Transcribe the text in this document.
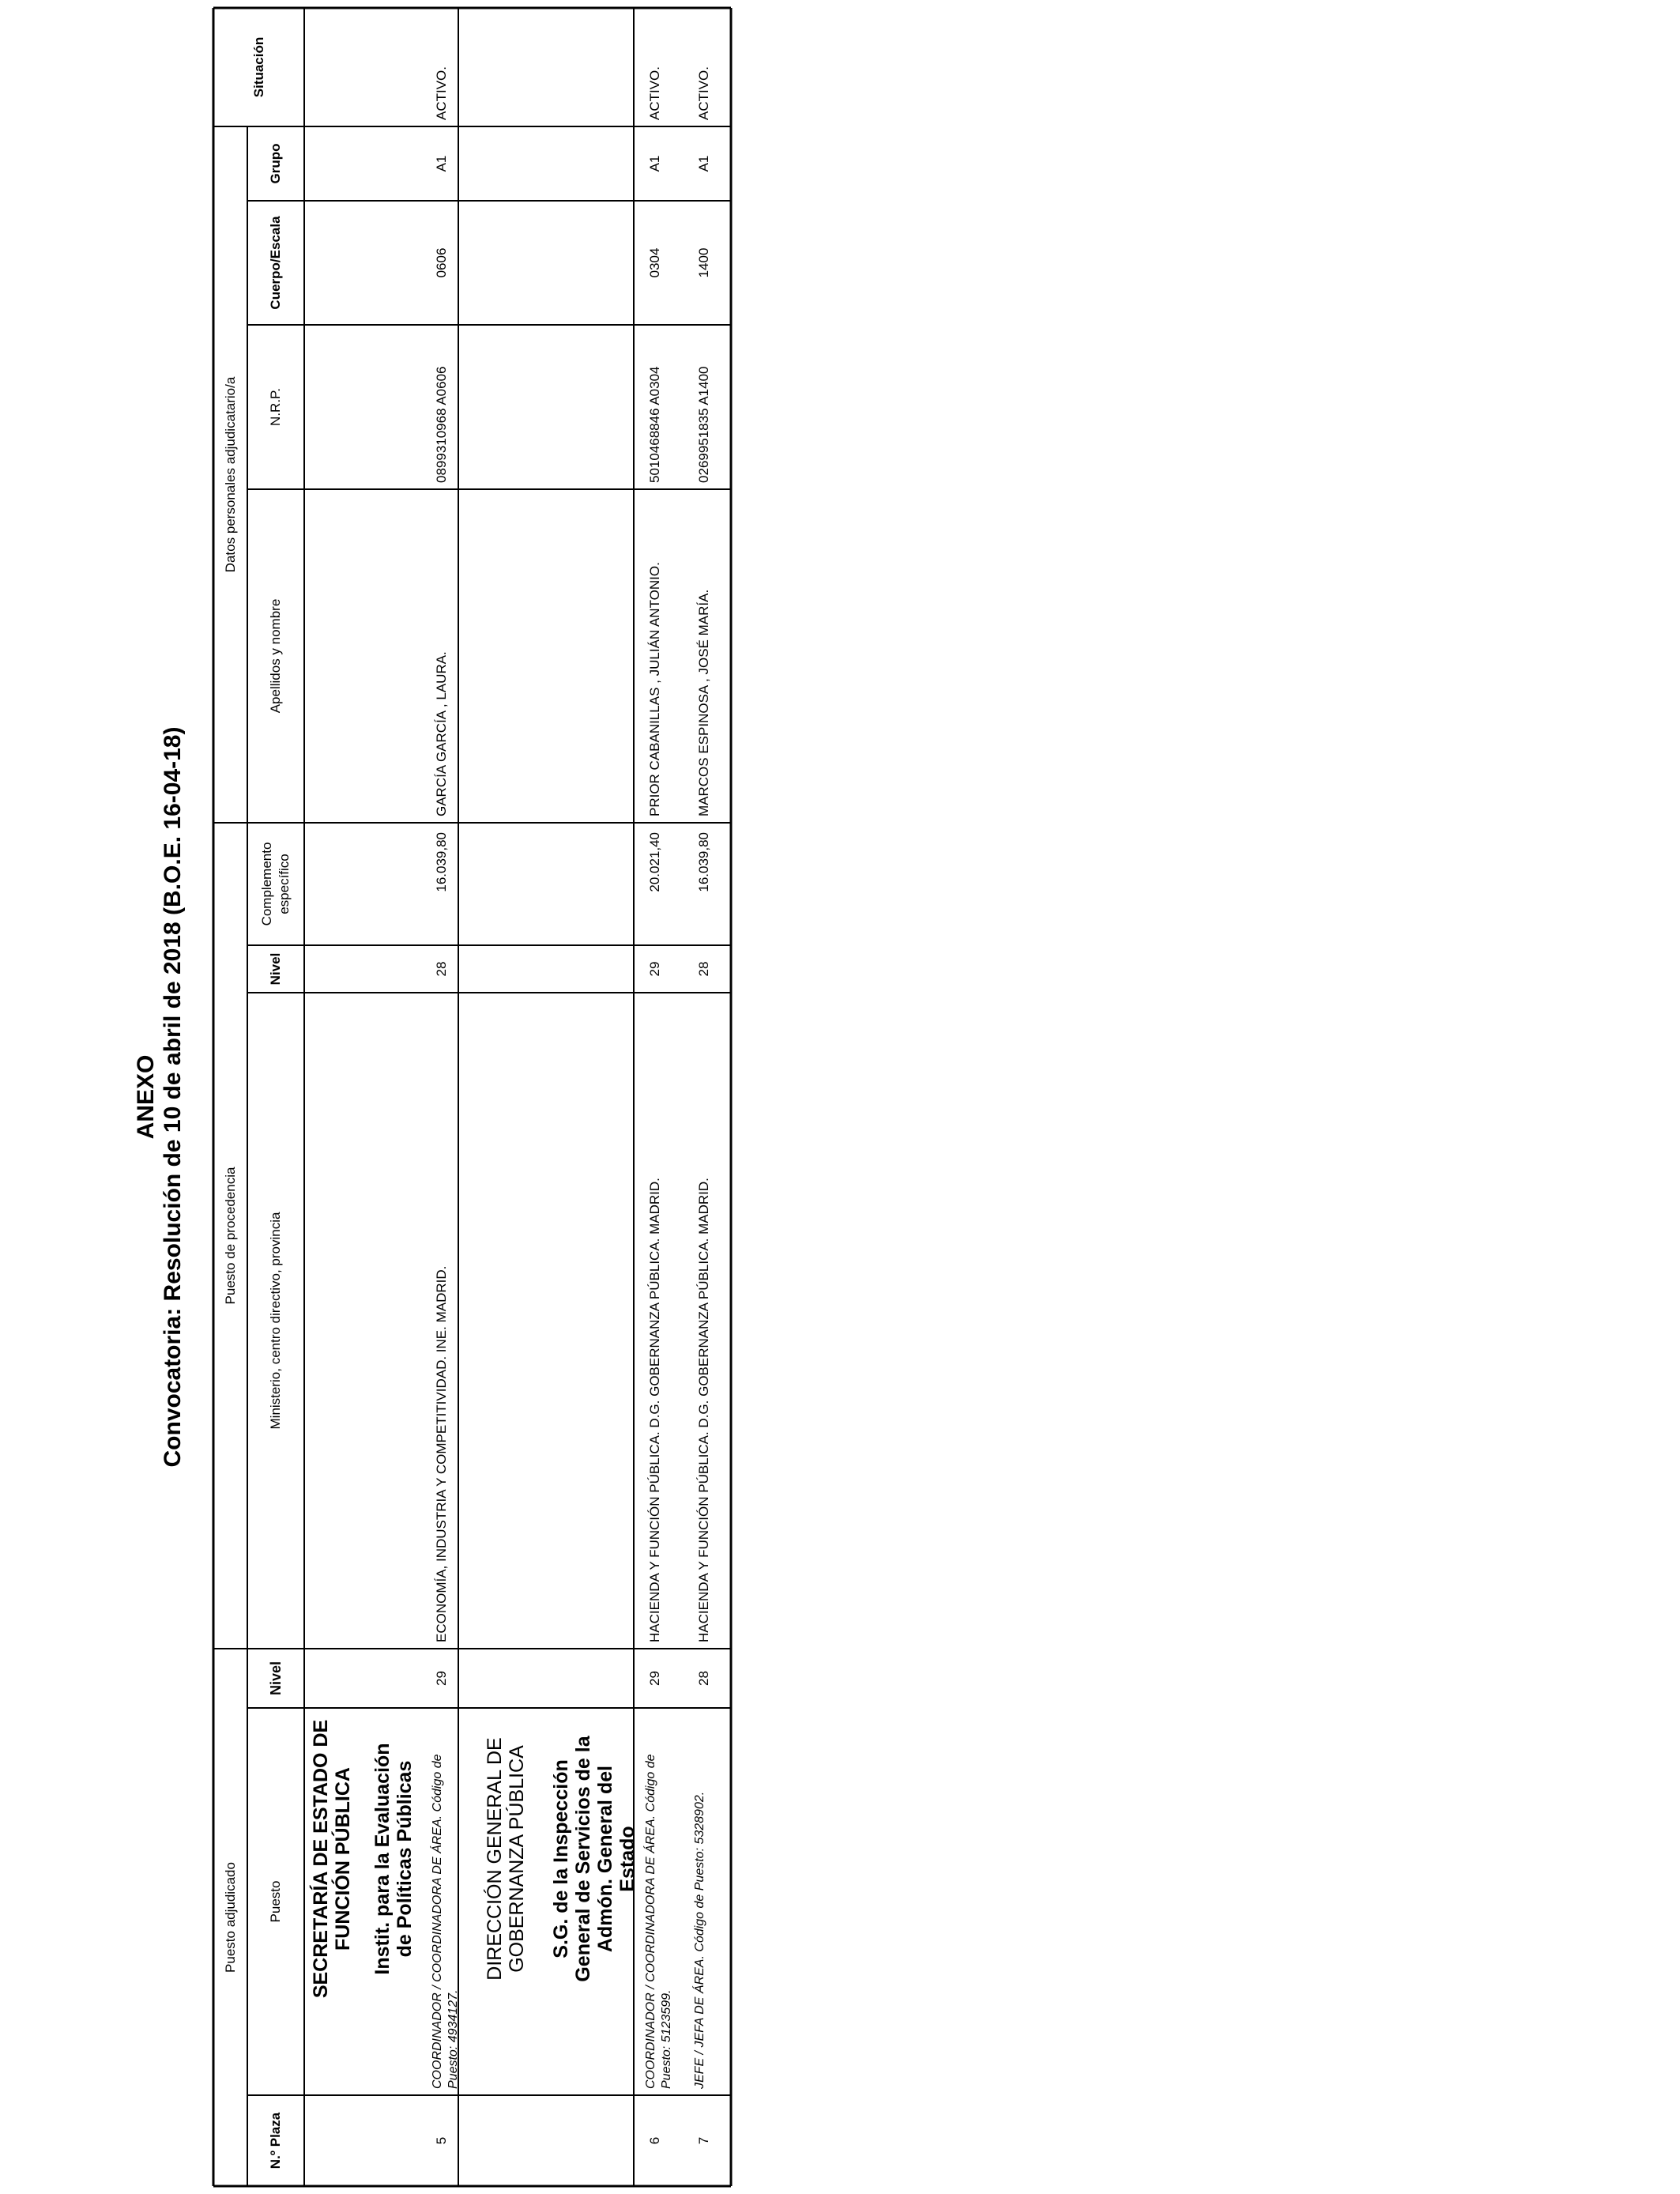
ANEXO Convocatoria: Resolución de 10 de abril de 2018 (B.O.E. 16-04-18)
Puesto adjudicado
Puesto de procedencia
Datos personales adjudicatario/a
Situación
N.º Plaza
Puesto
Nivel
Ministerio, centro directivo, provincia
Nivel
Complemento específico
Apellidos y nombre
N.R.P.
Cuerpo/Escala
Grupo
SECRETARÍA DE ESTADO DE FUNCIÓN PÚBLICA Instit. para la Evaluación de Políticas Públicas	DIRECCIÓN GENERAL DE GOBERNANZA PÚBLICA S.G. de la Inspección General de Servicios de la Admón. General del Estado
5
COORDINADOR / COORDINADORA DE ÁREA. Código de Puesto: 4934127.
29
ECONOMÍA, INDUSTRIA Y COMPETITIVIDAD. INE. MADRID.
28
16.039,80
GARCÍA GARCÍA , LAURA.
0899310968 A0606
0606
A1
ACTIVO.
6
COORDINADOR / COORDINADORA DE ÁREA. Código de Puesto: 5123599.
29
HACIENDA Y FUNCIÓN PÚBLICA. D.G. GOBERNANZA PÚBLICA. MADRID.
29
20.021,40
PRIOR CABANILLAS , JULIÁN ANTONIO.
5010468846 A0304
0304
A1
ACTIVO.
7
JEFE / JEFA DE ÁREA. Código de Puesto: 5328902.
28
HACIENDA Y FUNCIÓN PÚBLICA. D.G. GOBERNANZA PÚBLICA. MADRID.
28
16.039,80
MARCOS ESPINOSA , JOSÉ MARÍA.
0269951835 A1400
1400
A1
ACTIVO.
